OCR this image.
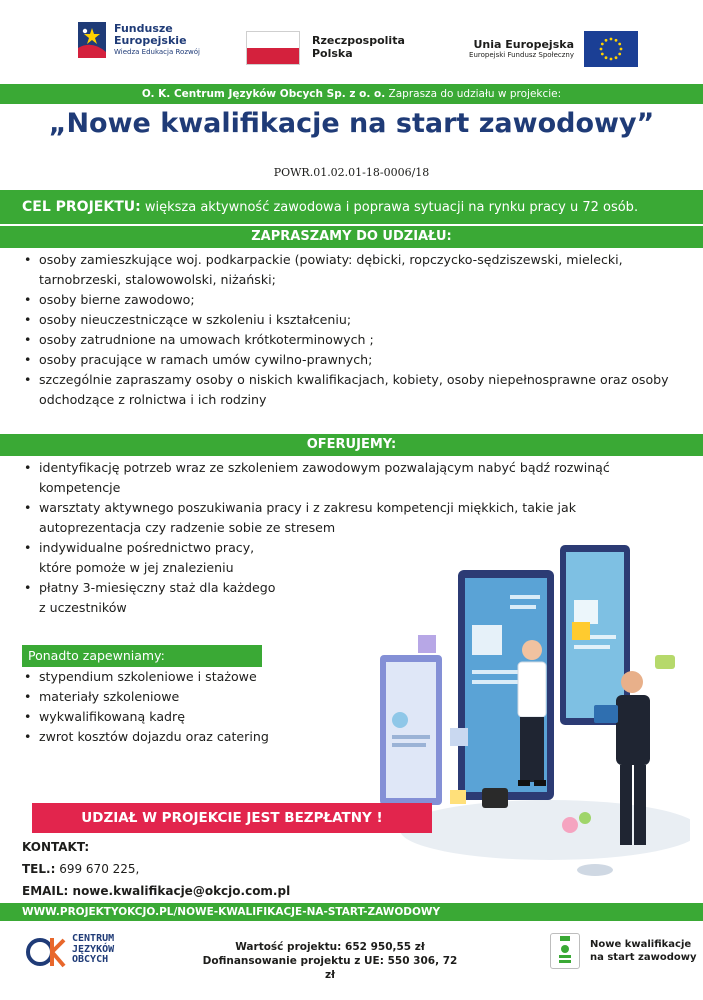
Fundusze
Europejskie
Wiedza Edukacja Rozwój
Rzeczpospolita
Polska
Unia Europejska
Europejski Fundusz Społeczny
O. K. Centrum Języków Obcych Sp. z o. o. Zaprasza do udziału w projekcie:
„Nowe kwalifikacje na start zawodowy”
POWR.01.02.01-18-0006/18
CEL PROJEKTU: większa aktywność zawodowa i poprawa sytuacji na rynku pracy u 72 osób.
ZAPRASZAMY DO UDZIAŁU:
• osoby zamieszkujące woj. podkarpackie (powiaty: dębicki, ropczycko-sędziszewski, mielecki, tarnobrzeski, stalowowolski, niżański;
• osoby bierne zawodowo;
• osoby nieuczestniczące w szkoleniu i kształceniu;
• osoby zatrudnione na umowach krótkoterminowych ;
• osoby pracujące w ramach umów cywilno-prawnych;
• szczególnie zapraszamy osoby o niskich kwalifikacjach, kobiety, osoby niepełnosprawne oraz osoby odchodzące z rolnictwa i ich rodziny
OFERUJEMY:
• identyfikację potrzeb wraz ze szkoleniem zawodowym pozwalającym nabyć bądź rozwinąć kompetencje
• warsztaty aktywnego poszukiwania pracy i z zakresu kompetencji miękkich, takie jak autoprezentacja czy radzenie sobie ze stresem
• indywidualne pośrednictwo pracy,
które pomoże w jej znalezieniu
• płatny 3-miesięczny staż dla każdego
z uczestników
Ponadto zapewniamy:
• stypendium szkoleniowe i stażowe
• materiały szkoleniowe
• wykwalifikowaną kadrę
• zwrot kosztów dojazdu oraz catering
UDZIAŁ W PROJEKCIE JEST BEZPŁATNY !
KONTAKT:
TEL.: 699 670 225,
EMAIL: nowe.kwalifikacje@okcjo.com.pl
WWW.PROJEKTYOKCJO.PL/NOWE-KWALIFIKACJE-NA-START-ZAWODOWY
CENTRUM
JĘZYKÓW
OBCYCH
Wartość projektu: 652 950,55 zł
Dofinansowanie projektu z UE: 550 306, 72 zł
Nowe kwalifikacje
na start zawodowy
